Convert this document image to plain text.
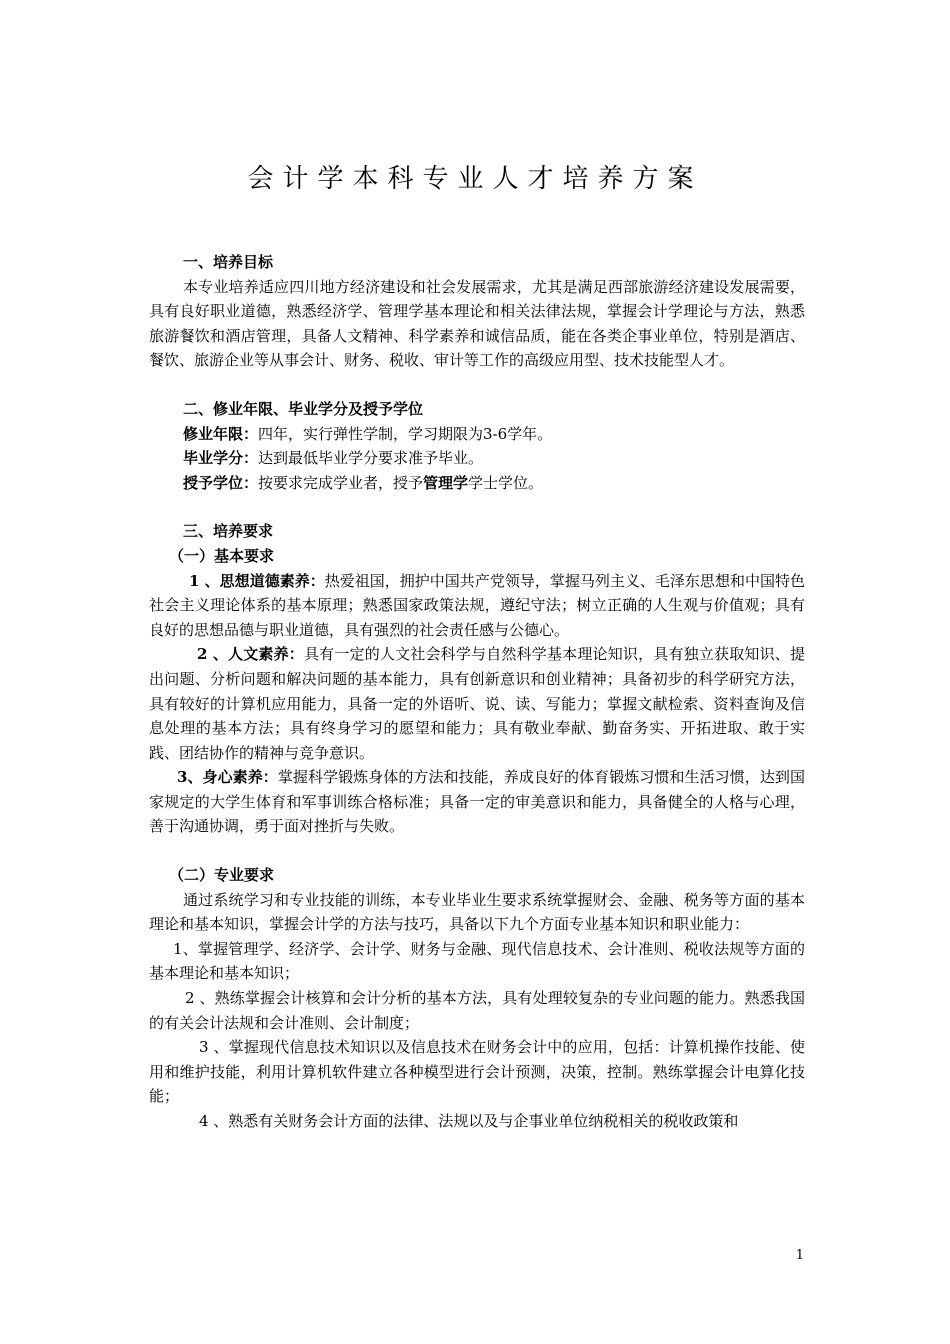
会计学本科专业人才培养方案

一、培养目标

本专业培养适应四川地方经济建设和社会发展需求，尤其是满足西部旅游经济建设发展需要，具有良好职业道德，熟悉经济学、管理学基本理论和相关法律法规，掌握会计学理论与方法，熟悉旅游餐饮和酒店管理，具备人文精神、科学素养和诚信品质，能在各类企事业单位，特别是酒店、餐饮、旅游企业等从事会计、财务、税收、审计等工作的高级应用型、技术技能型人才。

二、修业年限、毕业学分及授予学位

修业年限：四年，实行弹性学制，学习期限为3-6学年。

毕业学分：达到最低毕业学分要求准予毕业。

授予学位：按要求完成学业者，授予管理学学士学位。

三、培养要求

（一）基本要求

1 、思想道德素养：热爱祖国，拥护中国共产党领导，掌握马列主义、毛泽东思想和中国特色社会主义理论体系的基本原理；熟悉国家政策法规，遵纪守法；树立正确的人生观与价值观；具有良好的思想品德与职业道德，具有强烈的社会责任感与公德心。

2 、人文素养：具有一定的人文社会科学与自然科学基本理论知识，具有独立获取知识、提出问题、分析问题和解决问题的基本能力，具有创新意识和创业精神；具备初步的科学研究方法，具有较好的计算机应用能力，具备一定的外语听、说、读、写能力；掌握文献检索、资料查询及信息处理的基本方法；具有终身学习的愿望和能力；具有敬业奉献、勤奋务实、开拓进取、敢于实践、团结协作的精神与竞争意识。

3、身心素养：掌握科学锻炼身体的方法和技能，养成良好的体育锻炼习惯和生活习惯，达到国家规定的大学生体育和军事训练合格标准；具备一定的审美意识和能力，具备健全的人格与心理，善于沟通协调，勇于面对挫折与失败。

（二）专业要求

通过系统学习和专业技能的训练，本专业毕业生要求系统掌握财会、金融、税务等方面的基本理论和基本知识，掌握会计学的方法与技巧，具备以下九个方面专业基本知识和职业能力：

1、掌握管理学、经济学、会计学、财务与金融、现代信息技术、会计准则、税收法规等方面的基本理论和基本知识；

2 、熟练掌握会计核算和会计分析的基本方法，具有处理较复杂的专业问题的能力。熟悉我国的有关会计法规和会计准则、会计制度；

3 、掌握现代信息技术知识以及信息技术在财务会计中的应用，包括：计算机操作技能、使用和维护技能，利用计算机软件建立各种模型进行会计预测，决策，控制。熟练掌握会计电算化技能；

4 、熟悉有关财务会计方面的法律、法规以及与企事业单位纳税相关的税收政策和

1
